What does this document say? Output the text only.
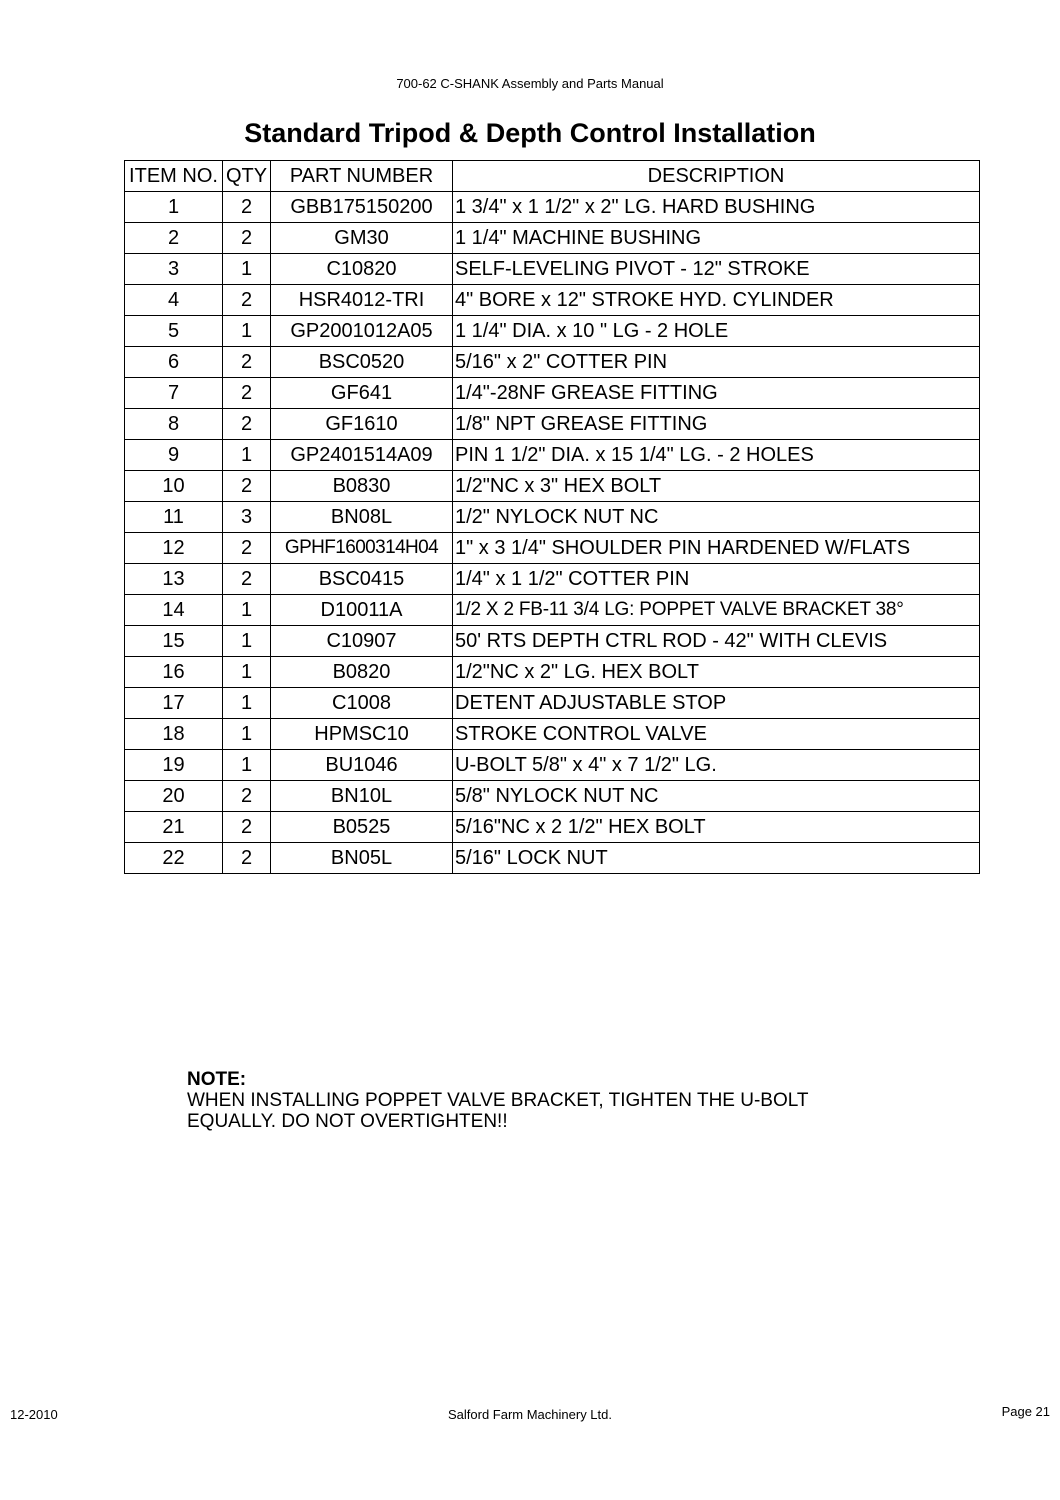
700-62 C-SHANK Assembly and Parts Manual
Standard Tripod & Depth Control Installation
ITEM NO.	QTY	PART NUMBER	DESCRIPTION
1	2	GBB175150200	1 3/4" x 1 1/2" x 2" LG. HARD BUSHING
2	2	GM30	1 1/4" MACHINE BUSHING
3	1	C10820	SELF-LEVELING PIVOT - 12" STROKE
4	2	HSR4012-TRI	4" BORE x 12" STROKE HYD. CYLINDER
5	1	GP2001012A05	1 1/4" DIA. x 10 " LG - 2 HOLE
6	2	BSC0520	5/16" x 2" COTTER PIN
7	2	GF641	1/4"-28NF GREASE FITTING
8	2	GF1610	1/8" NPT GREASE FITTING
9	1	GP2401514A09	PIN 1 1/2" DIA. x 15 1/4" LG. - 2 HOLES
10	2	B0830	1/2"NC x 3" HEX BOLT
11	3	BN08L	1/2" NYLOCK NUT NC
12	2	GPHF1600314H04	1" x 3 1/4" SHOULDER PIN HARDENED W/FLATS
13	2	BSC0415	1/4" x 1 1/2" COTTER PIN
14	1	D10011A	1/2 X 2 FB-11 3/4 LG: POPPET VALVE BRACKET 38°
15	1	C10907	50' RTS DEPTH CTRL ROD - 42" WITH CLEVIS
16	1	B0820	1/2"NC x 2" LG. HEX BOLT
17	1	C1008	DETENT ADJUSTABLE STOP
18	1	HPMSC10	STROKE CONTROL VALVE
19	1	BU1046	U-BOLT 5/8" x 4" x 7 1/2" LG.
20	2	BN10L	5/8" NYLOCK NUT NC
21	2	B0525	5/16"NC x 2 1/2" HEX BOLT
22	2	BN05L	5/16" LOCK NUT
NOTE:
WHEN INSTALLING POPPET VALVE BRACKET, TIGHTEN THE U-BOLT
EQUALLY. DO NOT OVERTIGHTEN!!
12-2010	Salford Farm Machinery Ltd.	Page 21
